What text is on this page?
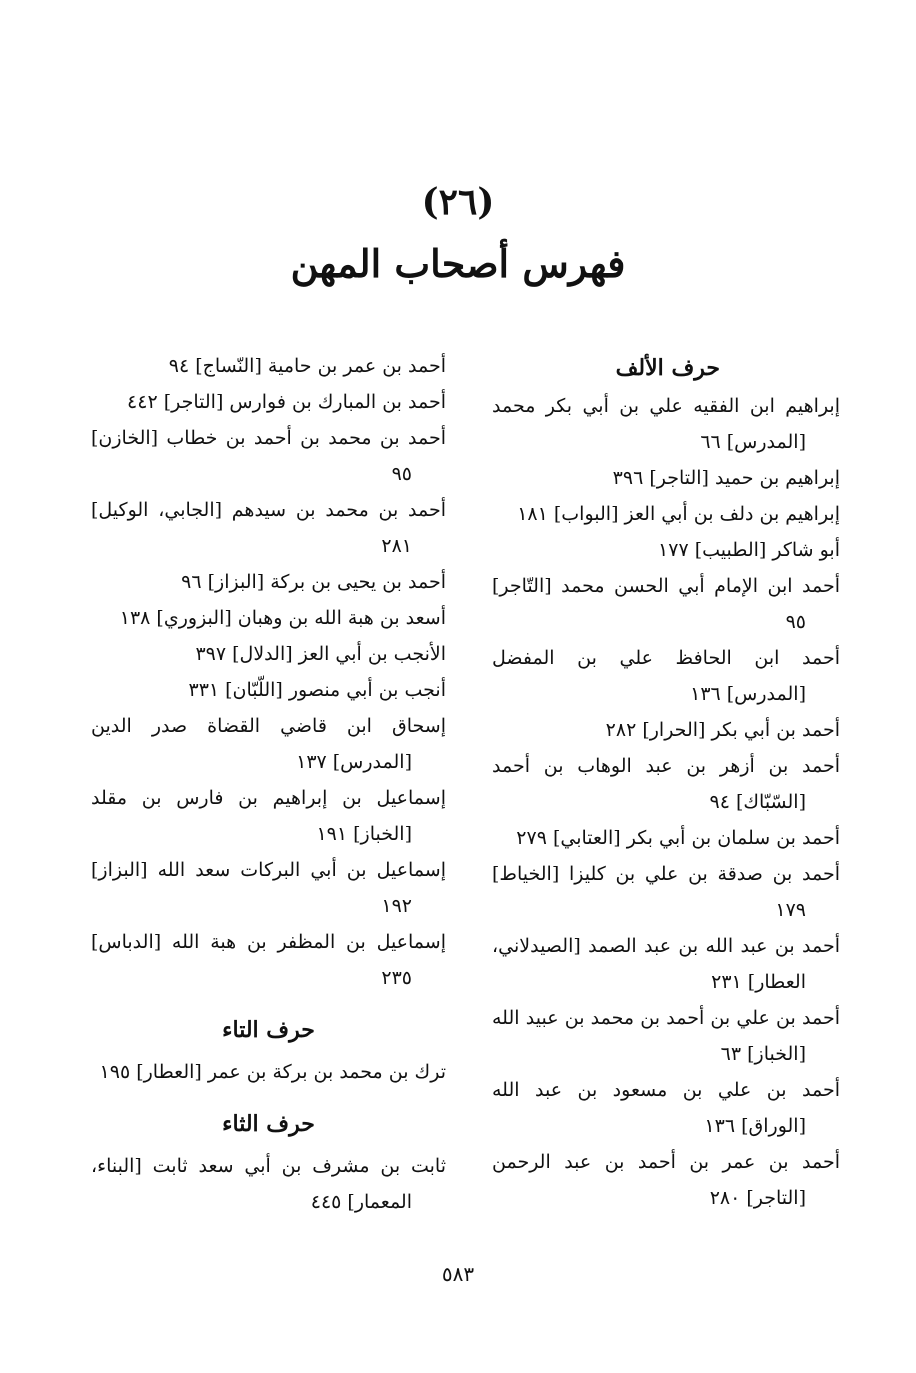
(٢٦)
فهرس أصحاب المهن

حرف الألف

إبراهيم ابن الفقيه علي بن أبي بكر محمد [المدرس] ٦٦

إبراهيم بن حميد [التاجر] ٣٩٦

إبراهيم بن دلف بن أبي العز [البواب] ١٨١

أبو شاكر [الطبيب] ١٧٧

أحمد ابن الإمام أبي الحسن محمد [التّاجر] ٩٥

أحمد ابن الحافظ علي بن المفضل [المدرس] ١٣٦

أحمد بن أبي بكر [الحرار] ٢٨٢

أحمد بن أزهر بن عبد الوهاب بن أحمد [السّبّاك] ٩٤

أحمد بن سلمان بن أبي بكر [العتابي] ٢٧٩

أحمد بن صدقة بن علي بن كليزا [الخياط] ١٧٩

أحمد بن عبد الله بن عبد الصمد [الصيدلاني، العطار] ٢٣١

أحمد بن علي بن أحمد بن محمد بن عبيد الله [الخباز] ٦٣

أحمد بن علي بن مسعود بن عبد الله [الوراق] ١٣٦

أحمد بن عمر بن أحمد بن عبد الرحمن [التاجر] ٢٨٠

أحمد بن عمر بن حامية [النّساج] ٩٤

أحمد بن المبارك بن فوارس [التاجر] ٤٤٢

أحمد بن محمد بن أحمد بن خطاب [الخازن] ٩٥

أحمد بن محمد بن سيدهم [الجابي، الوكيل] ٢٨١

أحمد بن يحيى بن بركة [البزاز] ٩٦

أسعد بن هبة الله بن وهبان [البزوري] ١٣٨

الأنجب بن أبي العز [الدلال] ٣٩٧

أنجب بن أبي منصور [اللّبّان] ٣٣١

إسحاق ابن قاضي القضاة صدر الدين [المدرس] ١٣٧

إسماعيل بن إبراهيم بن فارس بن مقلد [الخباز] ١٩١

إسماعيل بن أبي البركات سعد الله [البزاز] ١٩٢

إسماعيل بن المظفر بن هبة الله [الدباس] ٢٣٥

حرف التاء

ترك بن محمد بن بركة بن عمر [العطار] ١٩٥

حرف الثاء

ثابت بن مشرف بن أبي سعد ثابت [البناء، المعمار] ٤٤٥

٥٨٣
